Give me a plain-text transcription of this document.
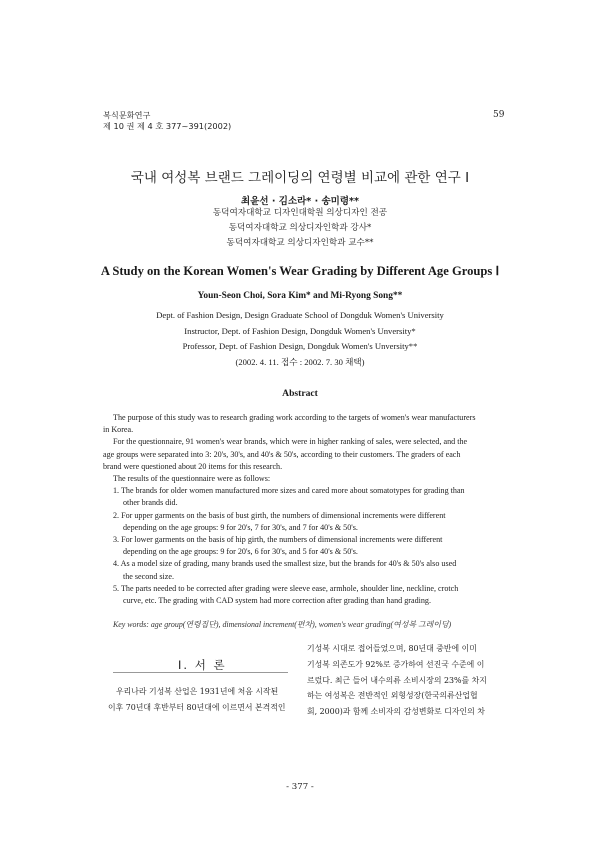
복식문화연구
제 10 권 제 4 호 377~391(2002)
59
국내 여성복 브랜드 그레이딩의 연령별 비교에 관한 연구 Ⅰ
최윤선 · 김소라* · 송미령**
동덕여자대학교 디자인대학원 의상디자인 전공
동덕여자대학교 의상디자인학과 강사*
동덕여자대학교 의상디자인학과 교수**
A Study on the Korean Women's Wear Grading by Different Age Groups Ⅰ
Youn-Seon Choi, Sora Kim* and Mi-Ryong Song**
Dept. of Fashion Design, Design Graduate School of Dongduk Women's University
Instructor, Dept. of Fashion Design, Dongduk Women's Unversity*
Professor, Dept. of Fashion Design, Dongduk Women's Unversity**
(2002. 4. 11. 접수 : 2002. 7. 30 채택)
Abstract
The purpose of this study was to research grading work according to the targets of women's wear manufacturers
in Korea.
For the questionnaire, 91 women's wear brands, which were in higher ranking of sales, were selected, and the
age groups were separated into 3: 20's, 30's, and 40's & 50's, according to their customers. The graders of each
brand were questioned about 20 items for this research.
The results of the questionnaire were as follows:
1. The brands for older women manufactured more sizes and cared more about somatotypes for grading than
other brands did.
2. For upper garments on the basis of bust girth, the numbers of dimensional increments were different
depending on the age groups: 9 for 20's, 7 for 30's, and 7 for 40's & 50's.
3. For lower garments on the basis of hip girth, the numbers of dimensional increments were different
depending on the age groups: 9 for 20's, 6 for 30's, and 5 for 40's & 50's.
4. As a model size of grading, many brands used the smallest size, but the brands for 40's & 50's also used
the second size.
5. The parts needed to be corrected after grading were sleeve ease, armhole, shoulder line, neckline, crotch
curve, etc. The grading with CAD system had more correction after grading than hand grading.
Key words: age group(연령집단), dimensional increment(편차), women's wear grading(여성복 그레이딩)
Ⅰ. 서 론
우리나라 기성복 산업은 1931년에 처음 시작된
이후 70년대 후반부터 80년대에 이르면서 본격적인
기성복 시대로 접어들었으며, 80년대 중반에 이미
기성복 의존도가 92%로 증가하여 선진국 수준에 이
르렀다. 최근 들어 내수의류 소비시장의 23%를 차지
하는 여성복은 전반적인 외형성장(한국의류산업협
회, 2000)과 함께 소비자의 감성변화로 디자인의 차
- 377 -
